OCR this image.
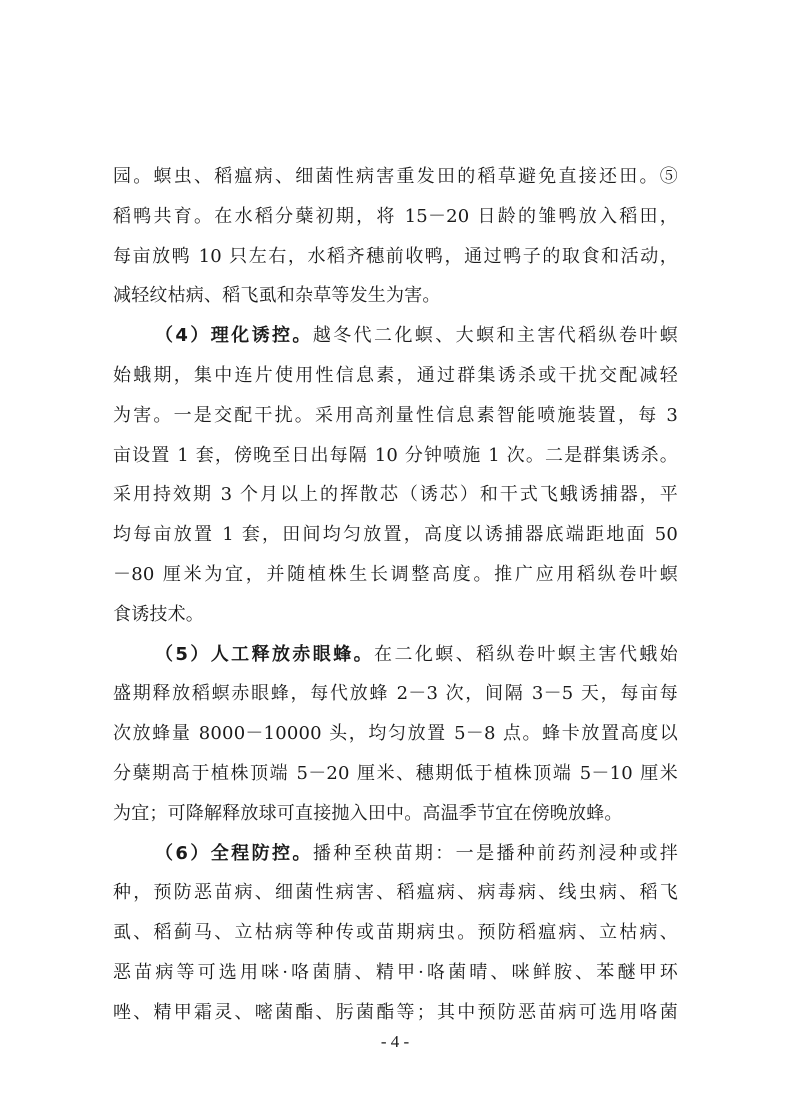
园。螟虫、稻瘟病、细菌性病害重发田的稻草避免直接还田。⑤
稻鸭共育。在水稻分蘖初期，将 15－20 日龄的雏鸭放入稻田，
每亩放鸭 10 只左右，水稻齐穗前收鸭，通过鸭子的取食和活动，
减轻纹枯病、稻飞虱和杂草等发生为害。
（4）理化诱控。越冬代二化螟、大螟和主害代稻纵卷叶螟
始蛾期，集中连片使用性信息素，通过群集诱杀或干扰交配减轻
为害。一是交配干扰。采用高剂量性信息素智能喷施装置，每 3
亩设置 1 套，傍晚至日出每隔 10 分钟喷施 1 次。二是群集诱杀。
采用持效期 3 个月以上的挥散芯（诱芯）和干式飞蛾诱捕器，平
均每亩放置 1 套，田间均匀放置，高度以诱捕器底端距地面 50
－80 厘米为宜，并随植株生长调整高度。推广应用稻纵卷叶螟
食诱技术。
（5）人工释放赤眼蜂。在二化螟、稻纵卷叶螟主害代蛾始
盛期释放稻螟赤眼蜂，每代放蜂 2－3 次，间隔 3－5 天，每亩每
次放蜂量 8000－10000 头，均匀放置 5－8 点。蜂卡放置高度以
分蘖期高于植株顶端 5－20 厘米、穗期低于植株顶端 5－10 厘米
为宜；可降解释放球可直接抛入田中。高温季节宜在傍晚放蜂。
（6）全程防控。播种至秧苗期：一是播种前药剂浸种或拌
种，预防恶苗病、细菌性病害、稻瘟病、病毒病、线虫病、稻飞
虱、稻蓟马、立枯病等种传或苗期病虫。预防稻瘟病、立枯病、
恶苗病等可选用咪·咯菌腈、精甲·咯菌晴、咪鲜胺、苯醚甲环
唑、精甲霜灵、嘧菌酯、肟菌酯等；其中预防恶苗病可选用咯菌
- 4 -
